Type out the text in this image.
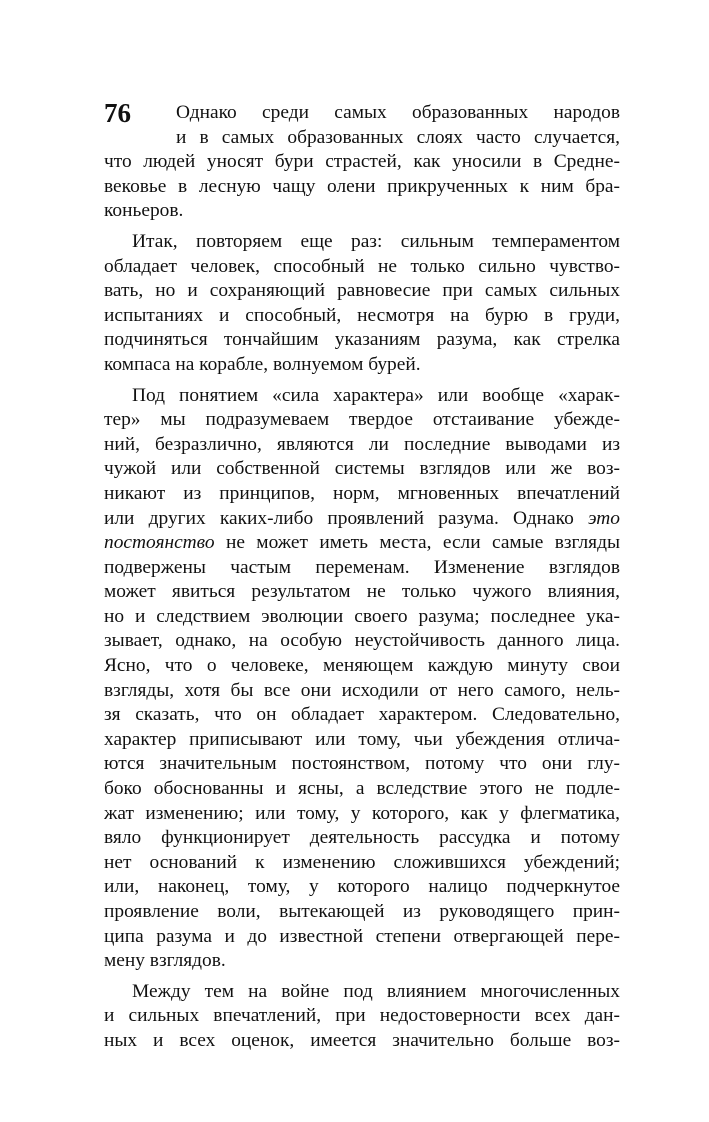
76	Однако среди самых образованных народов
и в самых образованных слоях часто случается,
что людей уносят бури страстей, как уносили в Средне-
вековье в лесную чащу олени прикрученных к ним бра-
коньеров.
Итак, повторяем еще раз: сильным темпераментом
обладает человек, способный не только сильно чувство-
вать, но и сохраняющий равновесие при самых сильных
испытаниях и способный, несмотря на бурю в груди,
подчиняться тончайшим указаниям разума, как стрелка
компаса на корабле, волнуемом бурей.
Под понятием «сила характера» или вообще «харак-
тер» мы подразумеваем твердое отстаивание убежде-
ний, безразлично, являются ли последние выводами из
чужой или собственной системы взглядов или же воз-
никают из принципов, норм, мгновенных впечатлений
или других каких-либо проявлений разума. Однако это
постоянство не может иметь места, если самые взгляды
подвержены частым переменам. Изменение взглядов
может явиться результатом не только чужого влияния,
но и следствием эволюции своего разума; последнее ука-
зывает, однако, на особую неустойчивость данного лица.
Ясно, что о человеке, меняющем каждую минуту свои
взгляды, хотя бы все они исходили от него самого, нель-
зя сказать, что он обладает характером. Следовательно,
характер приписывают или тому, чьи убеждения отлича-
ются значительным постоянством, потому что они глу-
боко обоснованны и ясны, а вследствие этого не подле-
жат изменению; или тому, у которого, как у флегматика,
вяло функционирует деятельность рассудка и потому
нет оснований к изменению сложившихся убеждений;
или, наконец, тому, у которого налицо подчеркнутое
проявление воли, вытекающей из руководящего прин-
ципа разума и до известной степени отвергающей пере-
мену взглядов.
Между тем на войне под влиянием многочисленных
и сильных впечатлений, при недостоверности всех дан-
ных и всех оценок, имеется значительно больше воз-
